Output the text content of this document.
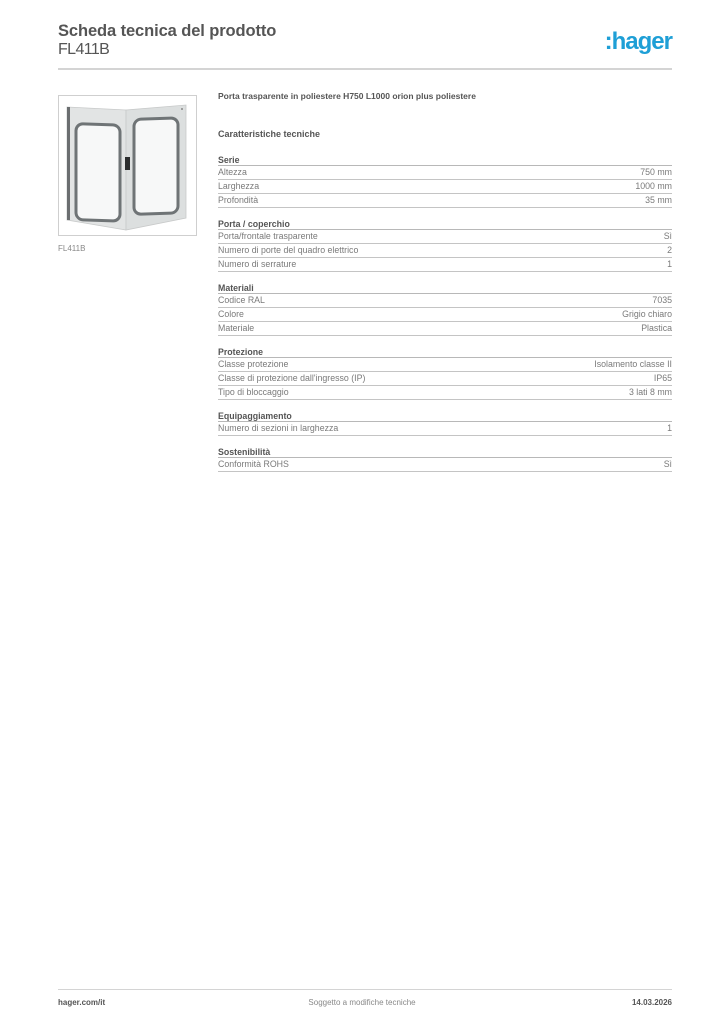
Scheda tecnica del prodotto
FL411B	:hager
FL411B
Porta trasparente in poliestere H750 L1000 orion plus poliestere
Caratteristiche tecniche
Serie
Altezza	750 mm
Larghezza	1000 mm
Profondità	35 mm
Porta / coperchio
Porta/frontale trasparente	Sì
Numero di porte del quadro elettrico	2
Numero di serrature	1
Materiali
Codice RAL	7035
Colore	Grigio chiaro
Materiale	Plastica
Protezione
Classe protezione	Isolamento classe II
Classe di protezione dall'ingresso (IP)	IP65
Tipo di bloccaggio	3 lati 8 mm
Equipaggiamento
Numero di sezioni in larghezza	1
Sostenibilità
Conformità ROHS	Sì
hager.com/it	Soggetto a modifiche tecniche	14.03.2026
